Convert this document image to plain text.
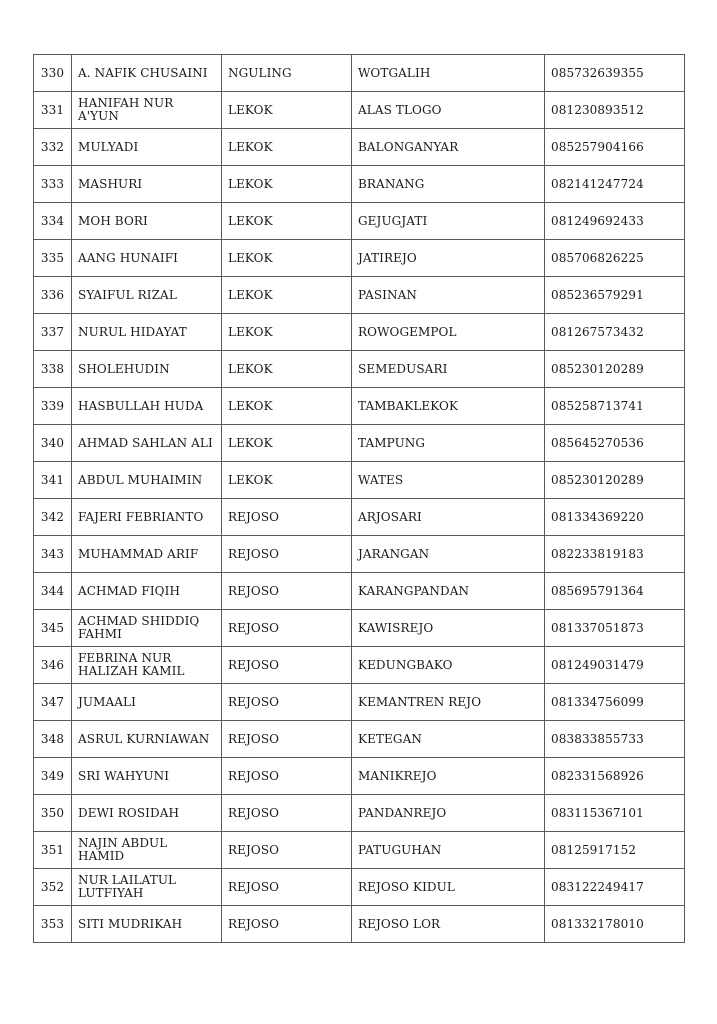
330	A. NAFIK CHUSAINI	NGULING	WOTGALIH	085732639355
331	HANIFAH NUR A'YUN	LEKOK	ALAS TLOGO	081230893512
332	MULYADI	LEKOK	BALONGANYAR	085257904166
333	MASHURI	LEKOK	BRANANG	082141247724
334	MOH BORI	LEKOK	GEJUGJATI	081249692433
335	AANG HUNAIFI	LEKOK	JATIREJO	085706826225
336	SYAIFUL RIZAL	LEKOK	PASINAN	085236579291
337	NURUL HIDAYAT	LEKOK	ROWOGEMPOL	081267573432
338	SHOLEHUDIN	LEKOK	SEMEDUSARI	085230120289
339	HASBULLAH HUDA	LEKOK	TAMBAKLEKOK	085258713741
340	AHMAD SAHLAN ALI	LEKOK	TAMPUNG	085645270536
341	ABDUL MUHAIMIN	LEKOK	WATES	085230120289
342	FAJERI FEBRIANTO	REJOSO	ARJOSARI	081334369220
343	MUHAMMAD ARIF	REJOSO	JARANGAN	082233819183
344	ACHMAD FIQIH	REJOSO	KARANGPANDAN	085695791364
345	ACHMAD SHIDDIQ FAHMI	REJOSO	KAWISREJO	081337051873
346	FEBRINA NUR HALIZAH KAMIL	REJOSO	KEDUNGBAKO	081249031479
347	JUMAALI	REJOSO	KEMANTREN REJO	081334756099
348	ASRUL KURNIAWAN	REJOSO	KETEGAN	083833855733
349	SRI WAHYUNI	REJOSO	MANIKREJO	082331568926
350	DEWI ROSIDAH	REJOSO	PANDANREJO	083115367101
351	NAJIN ABDUL HAMID	REJOSO	PATUGUHAN	08125917152
352	NUR LAILATUL LUTFIYAH	REJOSO	REJOSO KIDUL	083122249417
353	SITI MUDRIKAH	REJOSO	REJOSO LOR	081332178010
